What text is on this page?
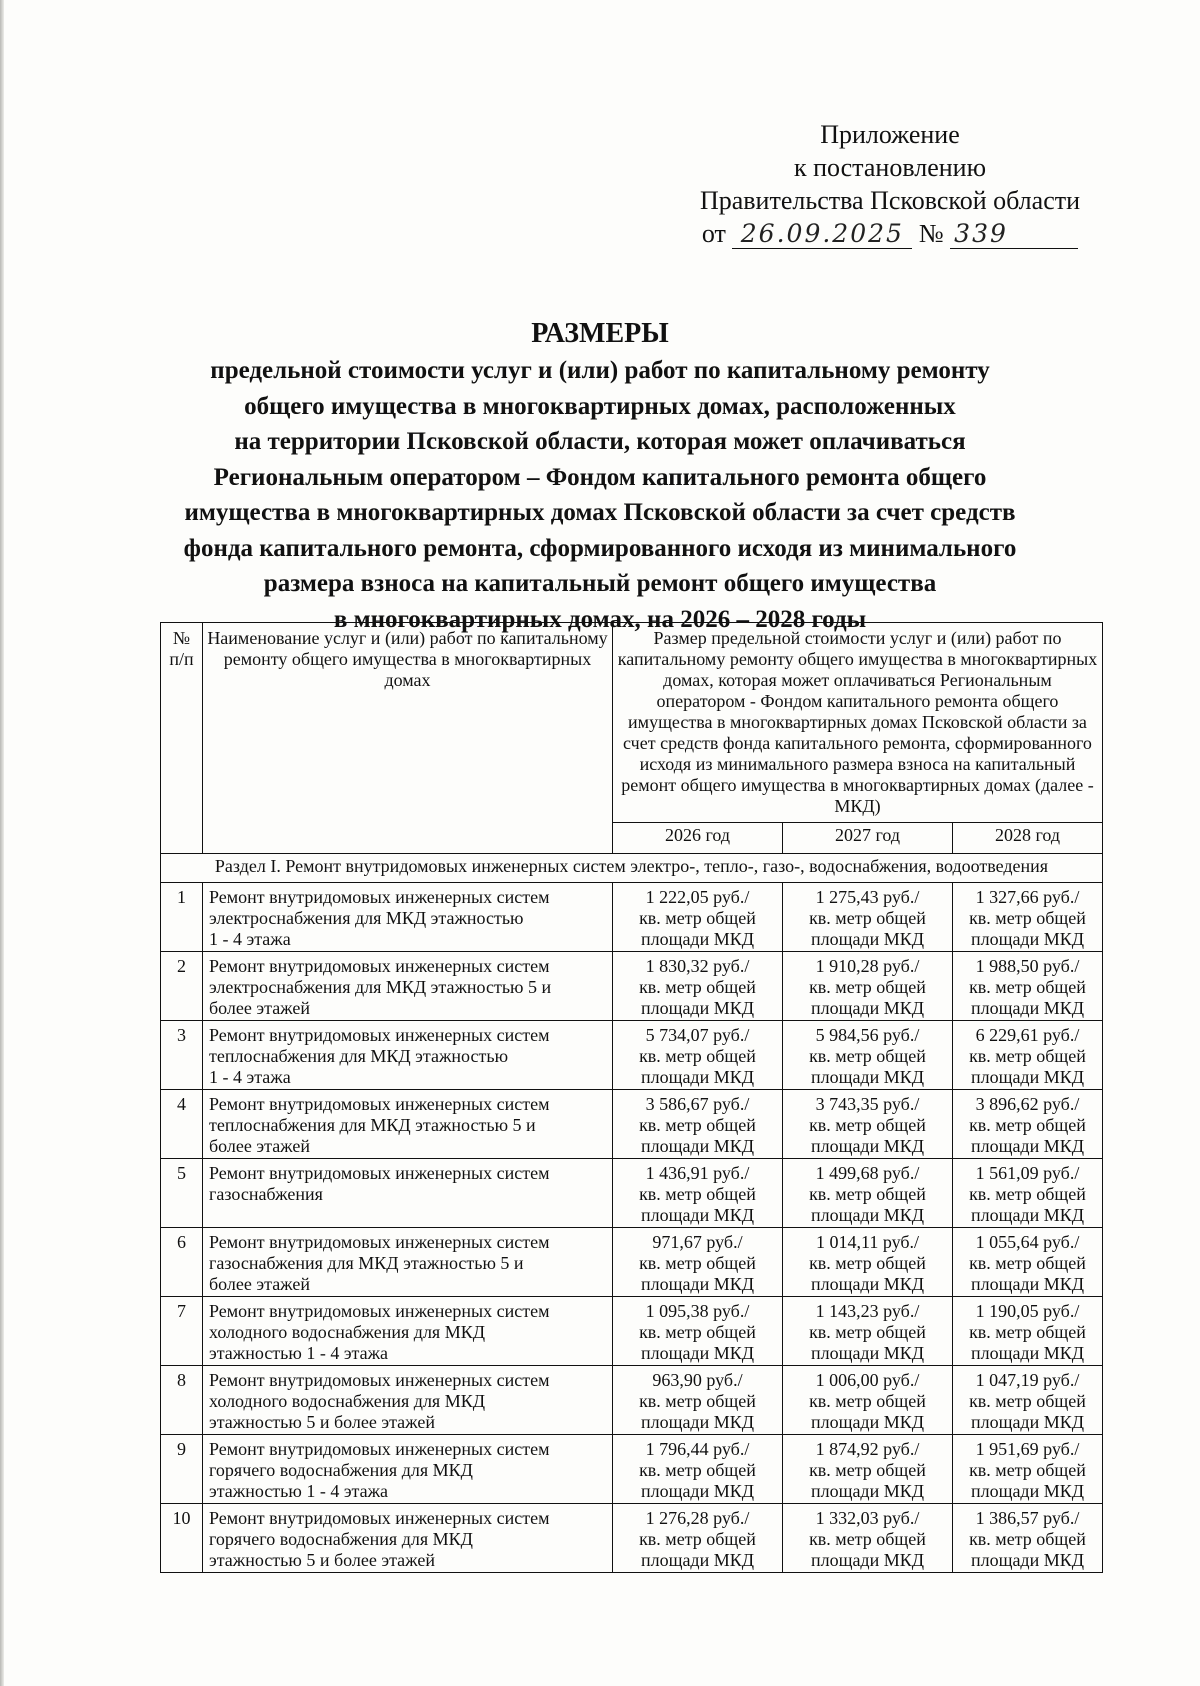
Приложение
к постановлению
Правительства Псковской области
от 26.09.2025 № 339
РАЗМЕРЫ
предельной стоимости услуг и (или) работ по капитальному ремонту
общего имущества в многоквартирных домах, расположенных
на территории Псковской области, которая может оплачиваться
Региональным оператором – Фондом капитального ремонта общего
имущества в многоквартирных домах Псковской области за счет средств
фонда капитального ремонта, сформированного исходя из минимального
размера взноса на капитальный ремонт общего имущества
в многоквартирных домах, на 2026 – 2028 годы
№ п/п	Наименование услуг и (или) работ по капитальному ремонту общего имущества в многоквартирных домах	Размер предельной стоимости услуг и (или) работ по капитальному ремонту общего имущества в многоквартирных домах, которая может оплачиваться Региональным оператором - Фондом капитального ремонта общего имущества в многоквартирных домах Псковской области за счет средств фонда капитального ремонта, сформированного исходя из минимального размера взноса на капитальный ремонт общего имущества в многоквартирных домах (далее - МКД)		
		2026 год	2027 год	2028 год
Раздел I. Ремонт внутридомовых инженерных систем электро-, тепло-, газо-, водоснабжения, водоотведения				
1	Ремонт внутридомовых инженерных систем
электроснабжения для МКД этажностью
1 - 4 этажа	1 222,05 руб./
кв. метр общей
площади МКД	1 275,43 руб./
кв. метр общей
площади МКД	1 327,66 руб./
кв. метр общей
площади МКД

2	Ремонт внутридомовых инженерных систем
электроснабжения для МКД этажностью 5 и
более этажей	1 830,32 руб./
кв. метр общей
площади МКД	1 910,28 руб./
кв. метр общей
площади МКД	1 988,50 руб./
кв. метр общей
площади МКД

3	Ремонт внутридомовых инженерных систем
теплоснабжения для МКД этажностью
1 - 4 этажа	5 734,07 руб./
кв. метр общей
площади МКД	5 984,56 руб./
кв. метр общей
площади МКД	6 229,61 руб./
кв. метр общей
площади МКД

4	Ремонт внутридомовых инженерных систем
теплоснабжения для МКД этажностью 5 и
более этажей	3 586,67 руб./
кв. метр общей
площади МКД	3 743,35 руб./
кв. метр общей
площади МКД	3 896,62 руб./
кв. метр общей
площади МКД

5	Ремонт внутридомовых инженерных систем
газоснабжения	1 436,91 руб./
кв. метр общей
площади МКД	1 499,68 руб./
кв. метр общей
площади МКД	1 561,09 руб./
кв. метр общей
площади МКД

6	Ремонт внутридомовых инженерных систем
газоснабжения для МКД этажностью 5 и
более этажей	971,67 руб./
кв. метр общей
площади МКД	1 014,11 руб./
кв. метр общей
площади МКД	1 055,64 руб./
кв. метр общей
площади МКД

7	Ремонт внутридомовых инженерных систем
холодного водоснабжения для МКД
этажностью 1 - 4 этажа	1 095,38 руб./
кв. метр общей
площади МКД	1 143,23 руб./
кв. метр общей
площади МКД	1 190,05 руб./
кв. метр общей
площади МКД

8	Ремонт внутридомовых инженерных систем
холодного водоснабжения для МКД
этажностью 5 и более этажей	963,90 руб./
кв. метр общей
площади МКД	1 006,00 руб./
кв. метр общей
площади МКД	1 047,19 руб./
кв. метр общей
площади МКД

9	Ремонт внутридомовых инженерных систем
горячего водоснабжения для МКД
этажностью 1 - 4 этажа	1 796,44 руб./
кв. метр общей
площади МКД	1 874,92 руб./
кв. метр общей
площади МКД	1 951,69 руб./
кв. метр общей
площади МКД

10	Ремонт внутридомовых инженерных систем
горячего водоснабжения для МКД
этажностью 5 и более этажей	1 276,28 руб./
кв. метр общей
площади МКД	1 332,03 руб./
кв. метр общей
площади МКД	1 386,57 руб./
кв. метр общей
площади МКД
